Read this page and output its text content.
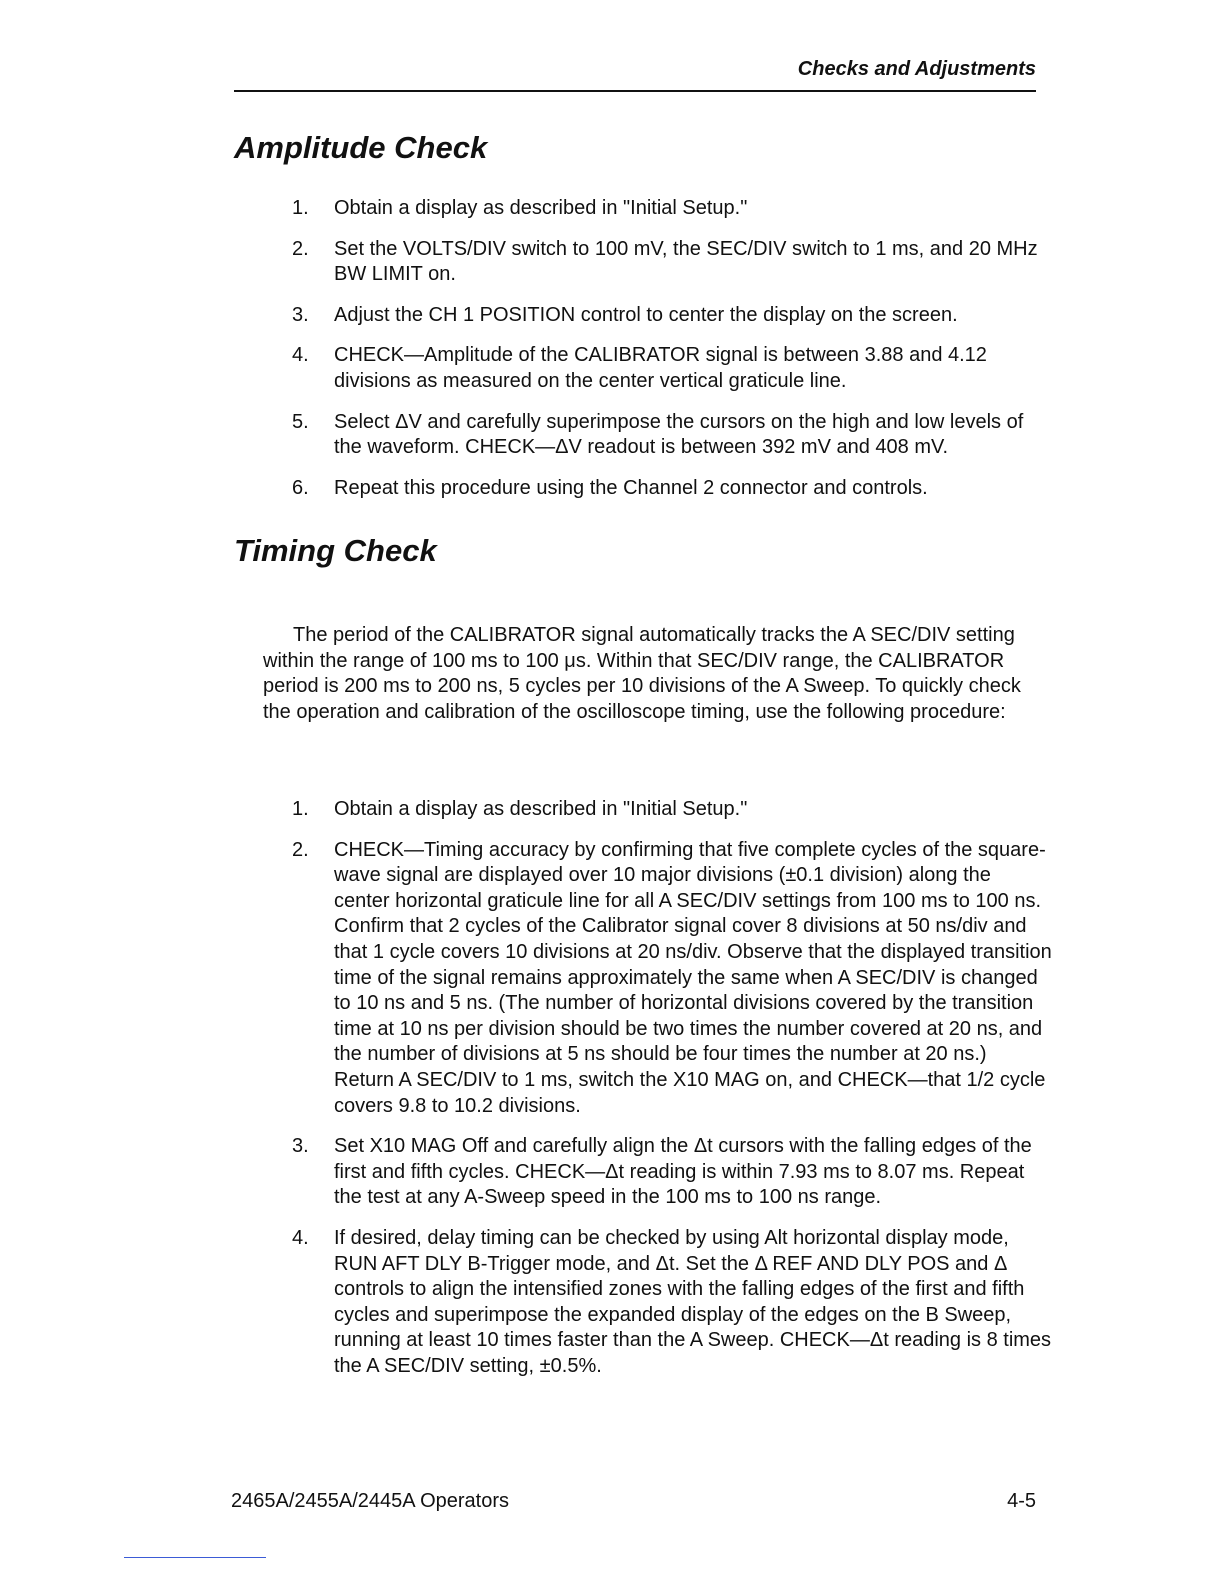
Checks and Adjustments
Amplitude Check
1. Obtain a display as described in "Initial Setup."
2. Set the VOLTS/DIV switch to 100 mV, the SEC/DIV switch to 1 ms, and 20 MHz BW LIMIT on.
3. Adjust the CH 1 POSITION control to center the display on the screen.
4. CHECK—Amplitude of the CALIBRATOR signal is between 3.88 and 4.12 divisions as measured on the center vertical graticule line.
5. Select ΔV and carefully superimpose the cursors on the high and low levels of the waveform. CHECK—ΔV readout is between 392 mV and 408 mV.
6. Repeat this procedure using the Channel 2 connector and controls.
Timing Check

The period of the CALIBRATOR signal automatically tracks the A SEC/DIV setting within the range of 100 ms to 100 μs. Within that SEC/DIV range, the CALIBRATOR period is 200 ms to 200 ns, 5 cycles per 10 divisions of the A Sweep. To quickly check the operation and calibration of the oscilloscope timing, use the following procedure:

1. Obtain a display as described in "Initial Setup."
2. CHECK—Timing accuracy by confirming that five complete cycles of the square-wave signal are displayed over 10 major divisions (±0.1 division) along the center horizontal graticule line for all A SEC/DIV settings from 100 ms to 100 ns. Confirm that 2 cycles of the Calibrator signal cover 8 divisions at 50 ns/div and that 1 cycle covers 10 divisions at 20 ns/div. Observe that the displayed transition time of the signal remains approximately the same when A SEC/DIV is changed to 10 ns and 5 ns. (The number of horizontal divisions covered by the transition time at 10 ns per division should be two times the number covered at 20 ns, and the number of divisions at 5 ns should be four times the number at 20 ns.) Return A SEC/DIV to 1 ms, switch the X10 MAG on, and CHECK—that 1/2 cycle covers 9.8 to 10.2 divisions.
3. Set X10 MAG Off and carefully align the Δt cursors with the falling edges of the first and fifth cycles. CHECK—Δt reading is within 7.93 ms to 8.07 ms. Repeat the test at any A-Sweep speed in the 100 ms to 100 ns range.
4. If desired, delay timing can be checked by using Alt horizontal display mode, RUN AFT DLY B-Trigger mode, and Δt. Set the Δ REF AND DLY POS and Δ controls to align the intensified zones with the falling edges of the first and fifth cycles and superimpose the expanded display of the edges on the B Sweep, running at least 10 times faster than the A Sweep. CHECK—Δt reading is 8 times the A SEC/DIV setting, ±0.5%.
2465A/2455A/2445A Operators	4-5
